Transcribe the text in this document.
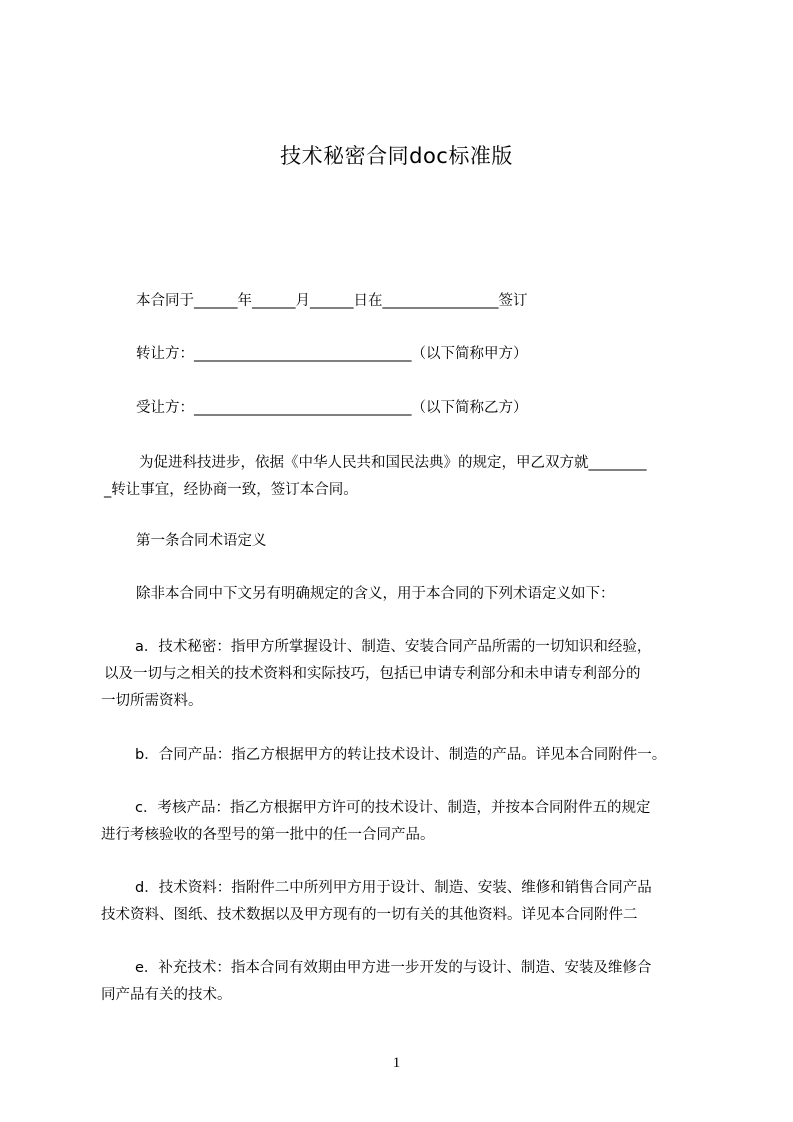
技术秘密合同doc标准版
本合同于______年______月______日在________________签订
转让方：______________________________（以下简称甲方）
受让方：______________________________（以下简称乙方）
为促进科技进步，依据《中华人民共和国民法典》的规定，甲乙双方就________
_转让事宜，经协商一致，签订本合同。
第一条合同术语定义
除非本合同中下文另有明确规定的含义，用于本合同的下列术语定义如下：
a．技术秘密：指甲方所掌握设计、制造、安装合同产品所需的一切知识和经验，
以及一切与之相关的技术资料和实际技巧，包括已申请专利部分和未申请专利部分的
一切所需资料。
b．合同产品：指乙方根据甲方的转让技术设计、制造的产品。详见本合同附件一。
c．考核产品：指乙方根据甲方许可的技术设计、制造，并按本合同附件五的规定
进行考核验收的各型号的第一批中的任一合同产品。
d．技术资料：指附件二中所列甲方用于设计、制造、安装、维修和销售合同产品
技术资料、图纸、技术数据以及甲方现有的一切有关的其他资料。详见本合同附件二
e．补充技术：指本合同有效期由甲方进一步开发的与设计、制造、安装及维修合
同产品有关的技术。
1
